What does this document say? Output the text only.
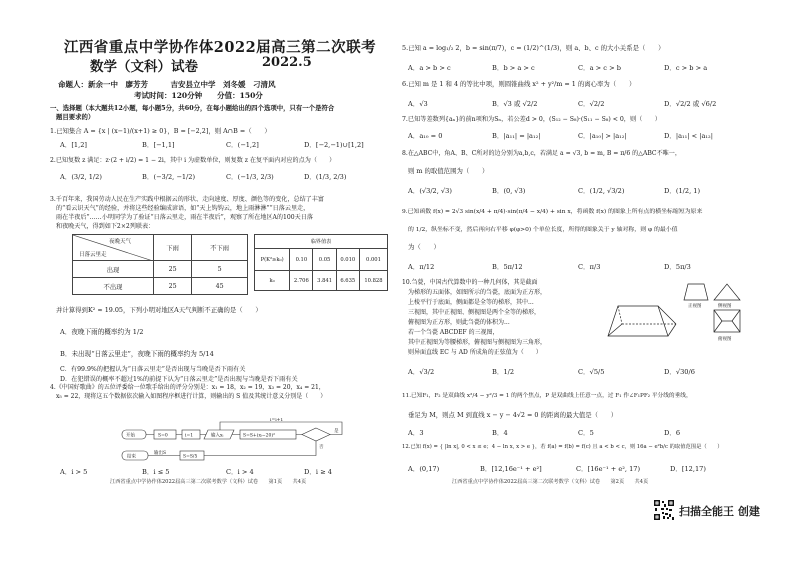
江西省重点中学协作体2022届高三第二次联考
数学（文科）试卷	2022.5
命题人：新余一中　廖芳芳　　　吉安县立中学　刘冬媛　刁清风
考试时间：120分钟　　分值：150分
一、选择题（本大题共12小题，每小题5分，共60分，在每小题给出的四个选项中，只有一个是符合
题目要求的）
1.已知集合 A = {x | (x−1)/(x+1) ≥ 0}，B = [−2,2]，则 A∩B =（　　）
A．[1,2]	B．[−1,1]	C．(−1,2]	D．[−2,−1)∪[1,2]
2.已知复数 z 满足：z·(2 + i/2) = 1 − 2i，其中 i 为虚数单位，则复数 z 在复平面内对应的点为（　　）
A．(3/2, 1/2)	B．(−3/2, −1/2)	C．(−1/3, 2/3)	D．(1/3, 2/3)
3.千百年来，我国劳动人民在生产实践中根据云的形状、走向速度、厚度、颜色等的变化，总结了丰富
的“看云识天气”的经验，并将这些经验编成谚语，如“天上钩钩云，地上雨淋淋”“日落云里走，
雨在半夜后”……小明同学为了验证“日落云里走，雨在半夜后”，观察了所在地区A的100天日落
和夜晚天气，得到如下2×2列联表：
夜晚天气
日落云里走	下雨	不下雨
出现	25	5
不出现	25	45
临界值表				
P(K²≥k₀)	0.10	0.05	0.010	0.001
k₀	2.706	3.841	6.635	10.828
并计算得到K² ≈ 19.05，下列小明对地区A天气判断不正确的是（　　）
A．夜晚下雨的概率约为 1/2
B．未出现“日落云里走”，夜晚下雨的概率约为 5/14
C．有99.9%的把握认为“日落云里走”是否出现与当晚是否下雨有关
D．在犯错误的概率不超过1%的前提下认为“日落云里走”是否出现与当晚是否下雨有关
4.《中国好歌曲》的五位评委给一位歌手给出的评分分别是：x₁ = 18，x₂ = 19，x₃ = 20，x₄ = 21，
x₅ = 22，现将这五个数据依次输入如图程序框进行计算，则输出的 S 值及其统计意义分别是（　　）
开始	S=0	i=1	输入xᵢ	S=S+(xᵢ−20)²
i=i+1
是
否
S=S/5
输出S
结束
A．i > 5	B．i ≤ 5	C．i > 4	D．i ≥ 4
江西省重点中学协作体2022届高三第二次联考数学（文科）试卷　　第1页　　共4页
5.已知 a = log₁/₂ 2，b = sin(π/7)，c = (1/2)^(1/3)，则 a、b、c 的大小关系是（　　）
A．a > b > c	B．b > a > c	C．a > c > b	D．c > b > a
6.已知 m 是 1 和 4 的等比中项，则圆锥曲线 x² + y²/m = 1 的离心率为（　　）
A．√3	B．√3 或 √2/2	C．√2/2	D．√2/2 或 √6/2
7.已知等差数列{aₙ}的前n项和为Sₙ，若公差d > 0，(S₁₂ − S₈)·(S₁₁ − S₈) < 0，则（　　）
A．a₁₀ = 0	B．|a₁₁| = |a₁₂|	C．|a₁₀| > |a₁₂|	D．|a₁₁| < |a₁₂|
8.在△ABC中，角A、B、C所对的边分别为a,b,c，若满足 a = √3, b = m, B = π/6 的△ABC不唯一，
则 m 的取值范围为（　　）
A．(√3/2, √3)	B．(0, √3)	C．(1/2, √3/2)	D．(1/2, 1)
9.已知函数 f(x) = 2√3 sin(x/4 + π/4)·sin(π/4 − x/4) + sin x，将函数 f(x) 的图象上所有点的横坐标缩短为原来
的 1/2，纵坐标不变，然后再向右平移 φ(φ>0) 个单位长度，所得的图象关于 y 轴对称，则 φ 的最小值
为（　　）
A．π/12	B．5π/12	C．π/3	D．5π/3
10.刍甍，中国古代算数中的一种几何体，其是截面
为梯形的五面体，如图所示的刍甍，底面为正方形，
上棱平行于底面，侧面都是全等的梯形，其中...
三视图，其中正视图、侧视图是两个全等的梯形，
俯视图为正方形，则此刍甍的体积为...
若一个刍甍 ABCDEF 的三视图，
其中正视图为等腰梯形，俯视图与侧视图为三角形，
则异面直线 EC 与 AD 所成角的正弦值为（　　）
正视图	侧视图
俯视图
A．√3/2	B．1/2	C．√5/5	D．√30/6
11.已知F₁，F₂ 是双曲线 x²/4 − y²/3 = 1 的两个焦点，P 是双曲线上任意一点，过 F₁ 作∠F₁PF₂ 平分线的垂线，
垂足为 M，则点 M 到直线 x − y − 4√2 = 0 的距离的最大值是（　　）
A．3	B．4	C．5	D．6
12.已知 f(x) = { |ln x|, 0 < x ≤ e；4 − ln x, x > e }，若 f(a) = f(b) = f(c) 且 a < b < c，则 16a − e²b/c 的取值范围是（　　）
A．(0,17)	B．[12,16e⁻¹ + e²]	C．[16e⁻¹ + e², 17)	D．[12,17)
江西省重点中学协作体2022届高三第二次联考数学（文科）试卷　　第2页　　共4页
扫描全能王 创建
